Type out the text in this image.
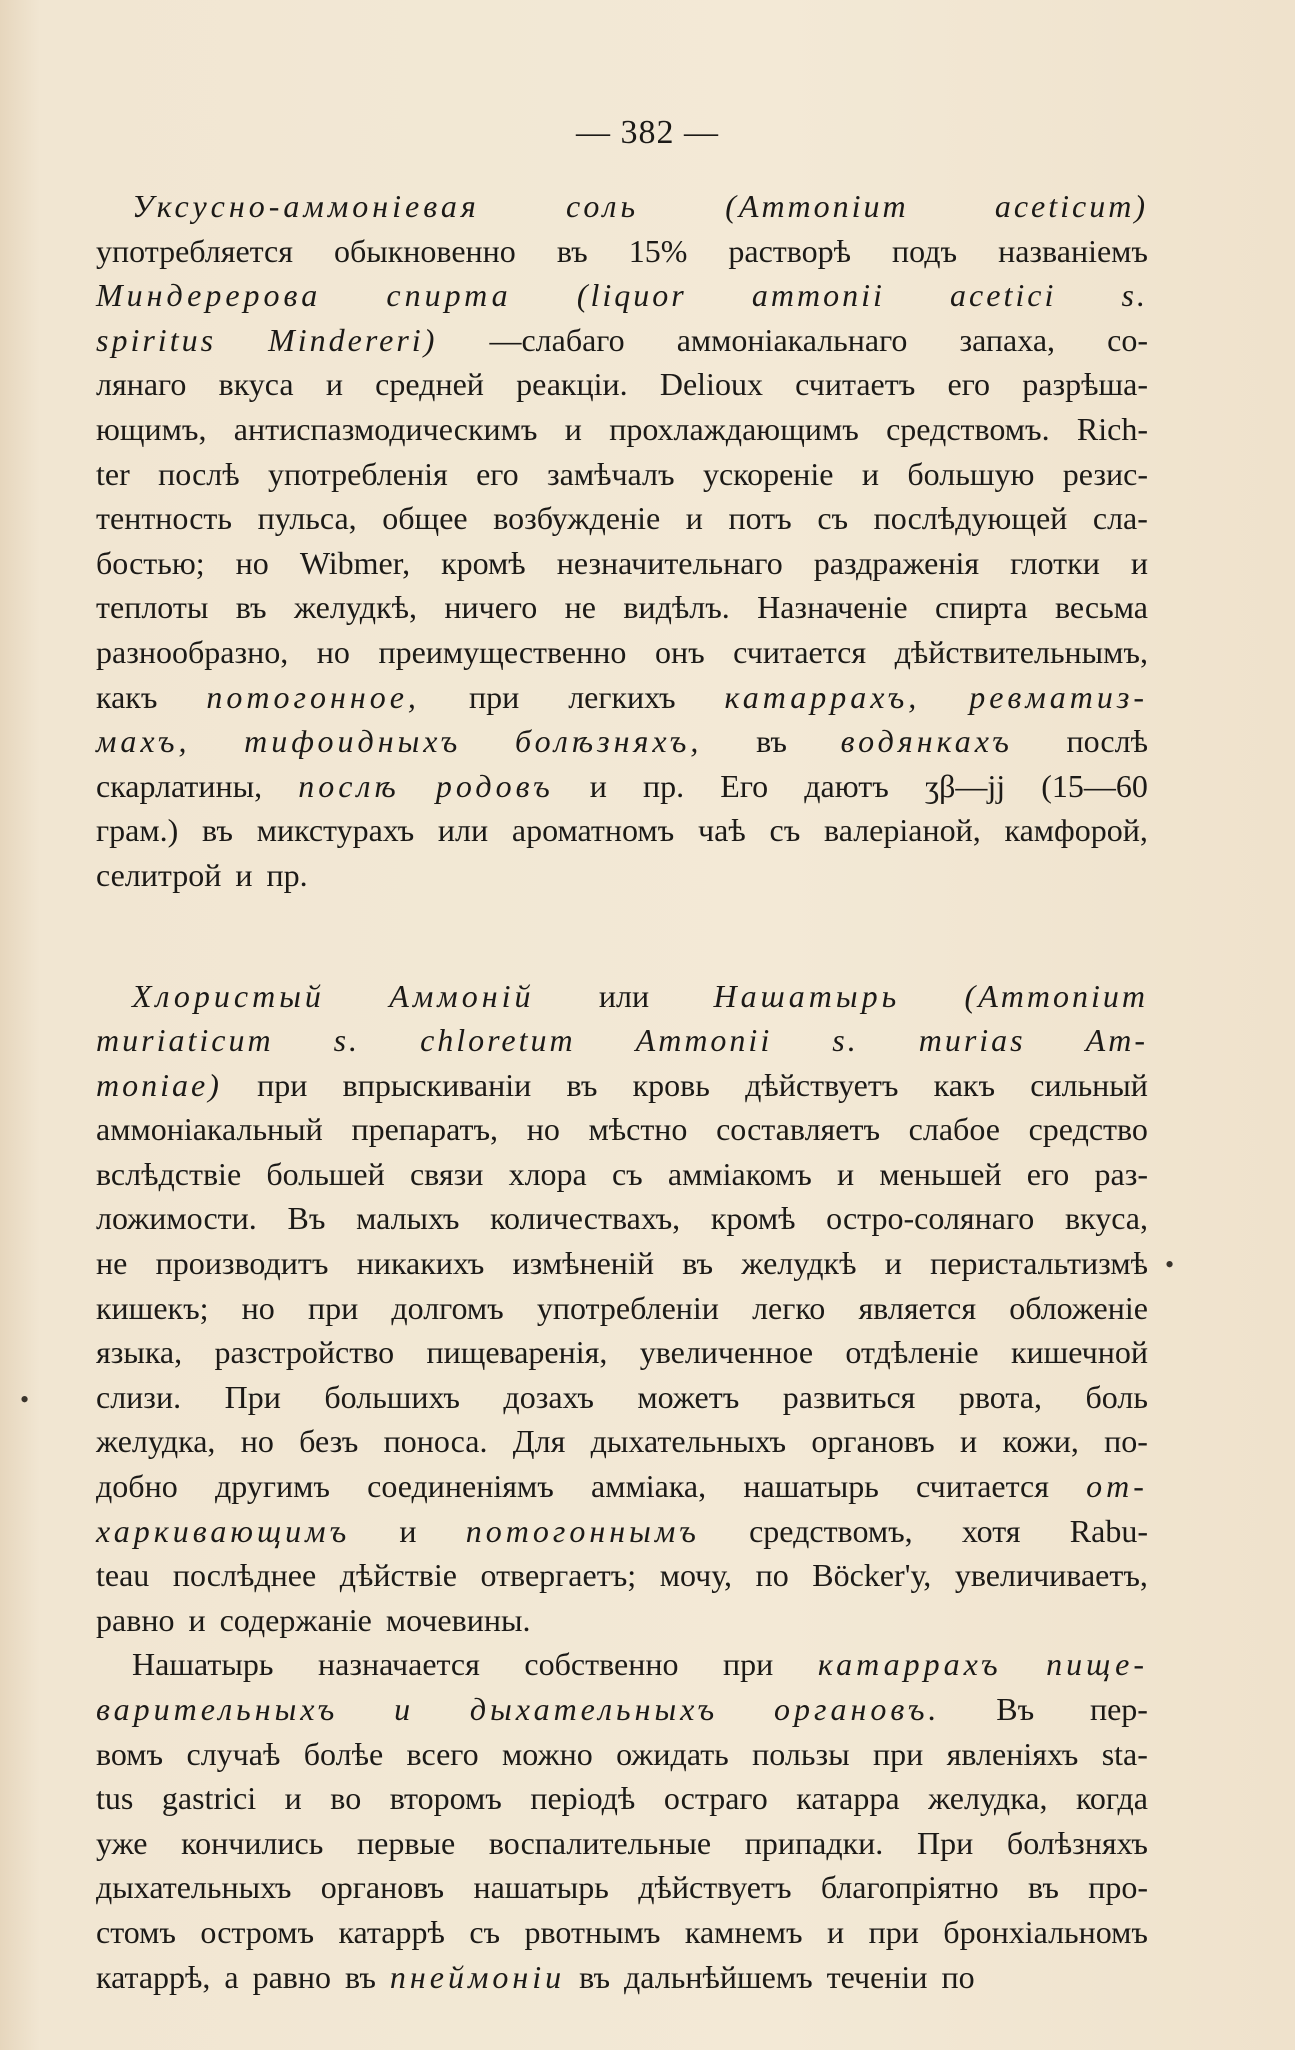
— 382 —
Уксусно-аммонiевая	соль	(Ammonium	aceticum)
употребляется обыкновенно въ 15% растворѣ подъ названiемъ
Миндерерова спирта (liquor ammonii acetici s.
spiritus Mindereri) —слабаго аммонiакальнаго запаха, со-
лянаго вкуса и средней реакцiи. Delioux считаетъ его разрѣша-
ющимъ, антиспазмодическимъ и прохлаждающимъ средствомъ. Rich-
ter послѣ употребленiя его замѣчалъ ускоренiе и большую резис-
тентность пульса, общее возбужденiе и потъ съ послѣдующей сла-
бостью; но Wibmer, кромѣ незначительнаго раздраженiя глотки и
теплоты въ желудкѣ, ничего не видѣлъ. Назначенiе спирта весьма
разнообразно, но преимущественно онъ считается дѣйствительнымъ,
какъ потогонное, при легкихъ катаррахъ, ревматиз-
махъ, тифоидныхъ болѣзняхъ, въ водянкахъ послѣ
скарлатины, послѣ родовъ и пр. Его даютъ ʒβ—jj (15—60
грам.) въ микстурахъ или ароматномъ чаѣ съ валерiаной, камфорой,
селитрой и пр.
Хлористый Аммонiй или Нашатырь (Ammonium
muriaticum s. chloretum Ammonii s. murias Am-
moniae) при впрыскиванiи въ кровь дѣйствуетъ какъ сильный
аммонiакальный препаратъ, но мѣстно составляетъ слабое средство
вслѣдствiе большей связи хлора съ амміакомъ и меньшей его раз-
ложимости. Въ малыхъ количествахъ, кромѣ остро-солянаго вкуса,
не производитъ никакихъ измѣненiй въ желудкѣ и перистальтизмѣ
кишекъ; но при долгомъ употребленiи легко является обложенiе
языка, разстройство пищеваренiя, увеличенное отдѣленiе кишечной
слизи. При большихъ дозахъ можетъ развиться рвота, боль
желудка, но безъ поноса. Для дыхательныхъ органовъ и кожи, по-
добно другимъ соединенiямъ амміака, нашатырь считается от-
харкивающимъ и потогоннымъ средствомъ, хотя Rabu-
teau послѣднее дѣйствiе отвергаетъ; мочу, по Böcker'у, увеличиваетъ,
равно и содержанiе мочевины.
Нашатырь назначается собственно при катаррахъ пище-
варительныхъ и дыхательныхъ органовъ. Въ пер-
вомъ случаѣ болѣе всего можно ожидать пользы при явленiяхъ sta-
tus gastrici и во второмъ перiодѣ остраго катарра желудка, когда
уже кончились первые воспалительные припадки. При болѣзняхъ
дыхательныхъ органовъ нашатырь дѣйствуетъ благопрiятно въ про-
стомъ остромъ катаррѣ съ рвотнымъ камнемъ и при бронхiальномъ
катаррѣ, а равно въ пнеймонiи въ дальнѣйшемъ теченiи по
•
•
